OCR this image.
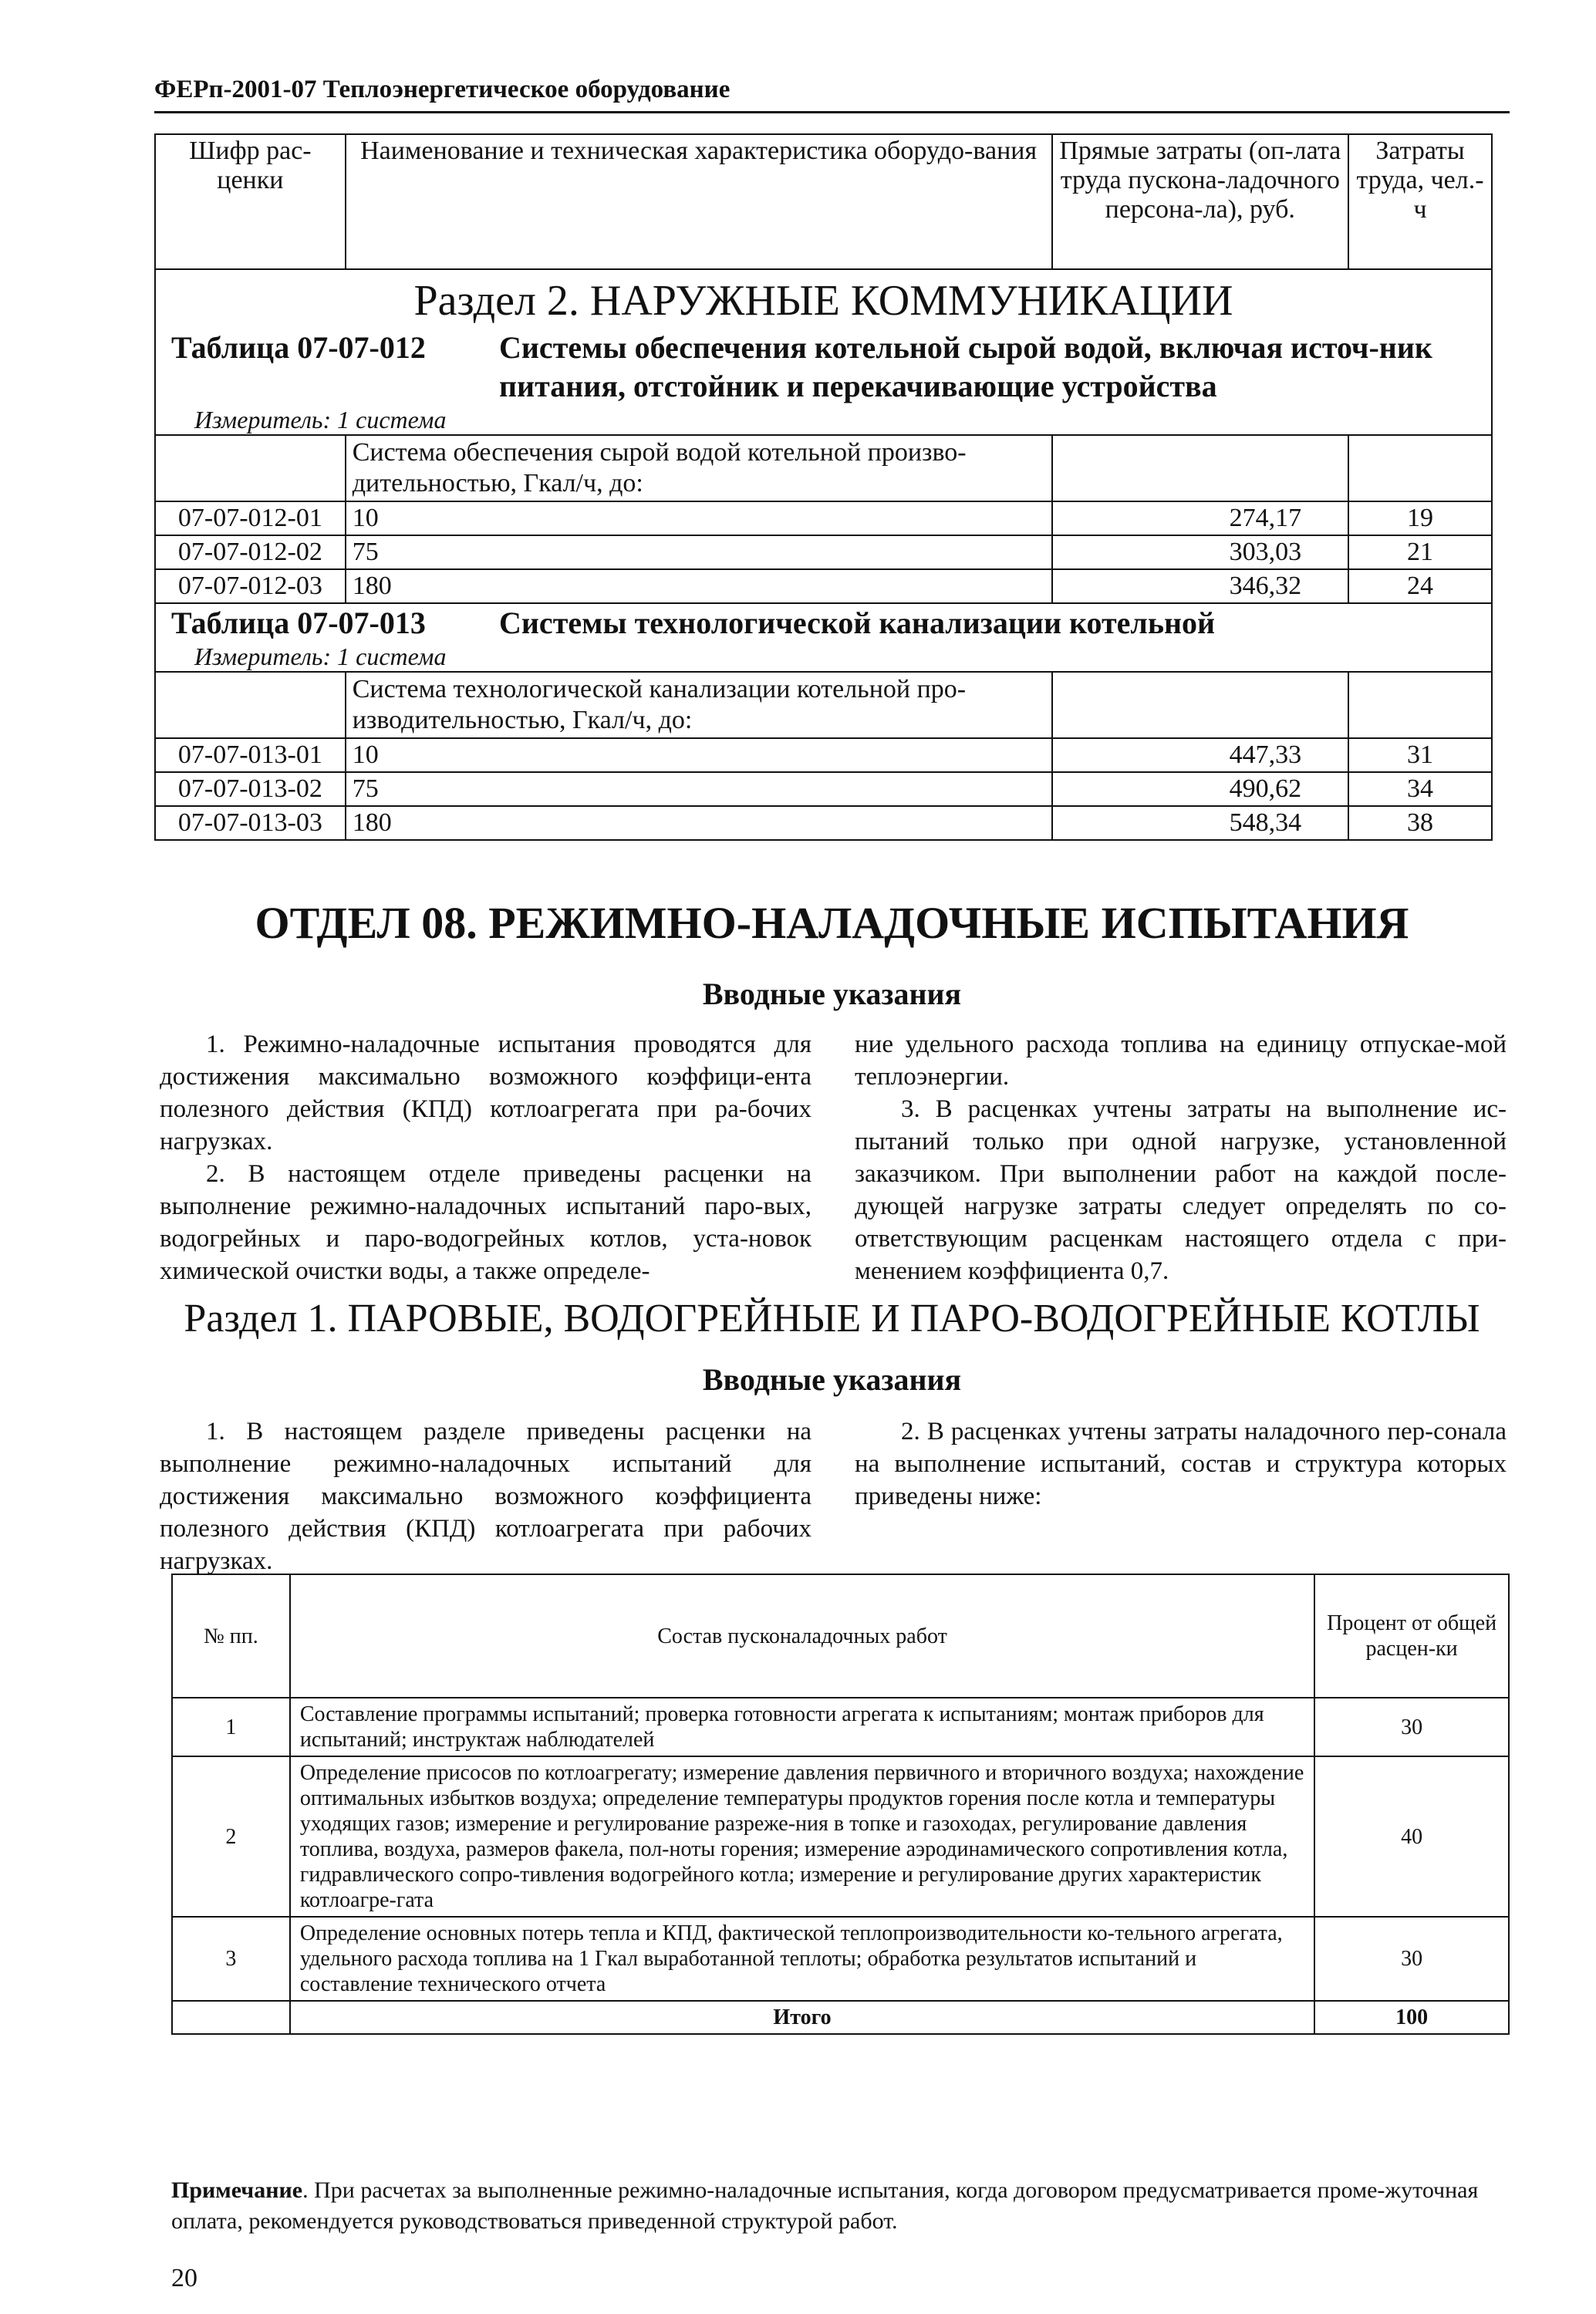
ФЕРп-2001-07 Теплоэнергетическое оборудование
Шифр рас-ценки	Наименование и техническая характеристика оборудо-вания	Прямые затраты (оп-лата труда пускона-ладочного персона-ла), руб.	Затраты труда, чел.-ч

Раздел 2. НАРУЖНЫЕ КОММУНИКАЦИИ
Таблица 07-07-012 Системы обеспечения котельной сырой водой, включая источ-ник питания, отстойник и перекачивающие устройства
Измеритель: 1 система			

	Система обеспечения сырой водой котельной произво-дительностью, Гкал/ч, до:		
07-07-012-01	10	274,17	19
07-07-012-02	75	303,03	21
07-07-012-03	180	346,32	24

Таблица 07-07-013 Системы технологической канализации котельной
Измеритель: 1 система			

	Система технологической канализации котельной про-изводительностью, Гкал/ч, до:		
07-07-013-01	10	447,33	31
07-07-013-02	75	490,62	34
07-07-013-03	180	548,34	38
ОТДЕЛ 08. РЕЖИМНО-НАЛАДОЧНЫЕ ИСПЫТАНИЯ
Вводные указания

1. Режимно-наладочные испытания проводятся для достижения максимально возможного коэффици-ента полезного действия (КПД) котлоагрегата при ра-бочих нагрузках.

2. В настоящем отделе приведены расценки на выполнение режимно-наладочных испытаний паро-вых, водогрейных и паро-водогрейных котлов, уста-новок химической очистки воды, а также определе-

ние удельного расхода топлива на единицу отпускае-мой теплоэнергии.

3. В расценках учтены затраты на выполнение ис-пытаний только при одной нагрузке, установленной заказчиком. При выполнении работ на каждой после-дующей нагрузке затраты следует определять по со-ответствующим расценкам настоящего отдела с при-менением коэффициента 0,7.

Раздел 1. ПАРОВЫЕ, ВОДОГРЕЙНЫЕ И ПАРО-ВОДОГРЕЙНЫЕ КОТЛЫ
Вводные указания

1. В настоящем разделе приведены расценки на выполнение режимно-наладочных испытаний для достижения максимально возможного коэффициента полезного действия (КПД) котлоагрегата при рабочих нагрузках.

2. В расценках учтены затраты наладочного пер-сонала на выполнение испытаний, состав и структура которых приведены ниже:

№ пп.	Состав пусконаладочных работ	Процент от общей расцен-ки
1	Составление программы испытаний; проверка готовности агрегата к испытаниям; монтаж приборов для испытаний; инструктаж наблюдателей	30
2	Определение присосов по котлоагрегату; измерение давления первичного и вторичного воздуха; нахождение оптимальных избытков воздуха; определение температуры продуктов горения после котла и температуры уходящих газов; измерение и регулирование разреже-ния в топке и газоходах, регулирование давления топлива, воздуха, размеров факела, пол-ноты горения; измерение аэродинамического сопротивления котла, гидравлического сопро-тивления водогрейного котла; измерение и регулирование других характеристик котлоагре-гата	40
3	Определение основных потерь тепла и КПД, фактической теплопроизводительности ко-тельного агрегата, удельного расхода топлива на 1 Гкал выработанной теплоты; обработка результатов испытаний и составление технического отчета	30
	Итого	100
Примечание. При расчетах за выполненные режимно-наладочные испытания, когда договором предусматривается проме-жуточная оплата, рекомендуется руководствоваться приведенной структурой работ.
20
